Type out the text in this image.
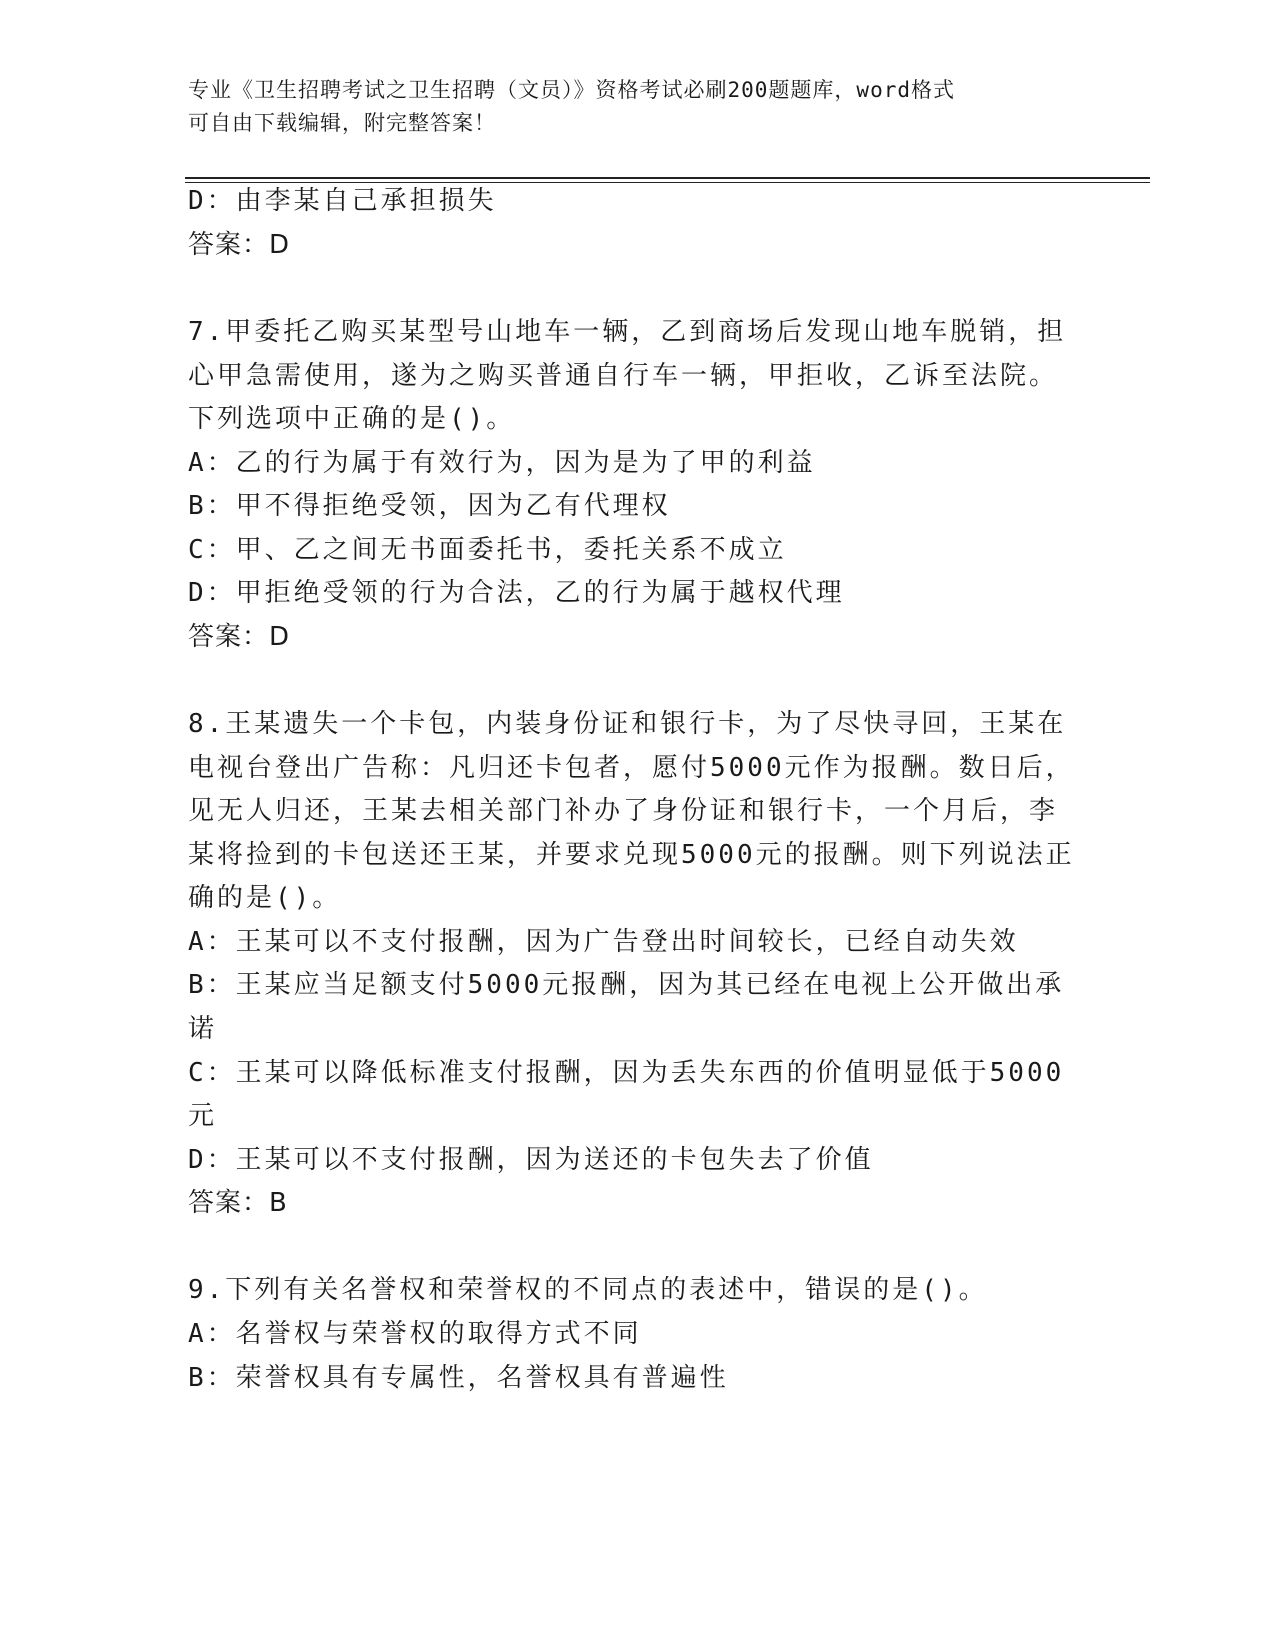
专业《卫生招聘考试之卫生招聘（文员）》资格考试必刷200题题库，word格式
可自由下载编辑，附完整答案！
D：由李某自己承担损失
答案：D
7.甲委托乙购买某型号山地车一辆，乙到商场后发现山地车脱销，担
心甲急需使用，遂为之购买普通自行车一辆，甲拒收，乙诉至法院。
下列选项中正确的是()。
A：乙的行为属于有效行为，因为是为了甲的利益
B：甲不得拒绝受领，因为乙有代理权
C：甲、乙之间无书面委托书，委托关系不成立
D：甲拒绝受领的行为合法，乙的行为属于越权代理
答案：D
8.王某遗失一个卡包，内装身份证和银行卡，为了尽快寻回，王某在
电视台登出广告称：凡归还卡包者，愿付5000元作为报酬。数日后，
见无人归还，王某去相关部门补办了身份证和银行卡，一个月后，李
某将捡到的卡包送还王某，并要求兑现5000元的报酬。则下列说法正
确的是()。
A：王某可以不支付报酬，因为广告登出时间较长，已经自动失效
B：王某应当足额支付5000元报酬，因为其已经在电视上公开做出承
诺
C：王某可以降低标准支付报酬，因为丢失东西的价值明显低于5000
元
D：王某可以不支付报酬，因为送还的卡包失去了价值
答案：B
9.下列有关名誉权和荣誉权的不同点的表述中，错误的是()。
A：名誉权与荣誉权的取得方式不同
B：荣誉权具有专属性，名誉权具有普遍性
